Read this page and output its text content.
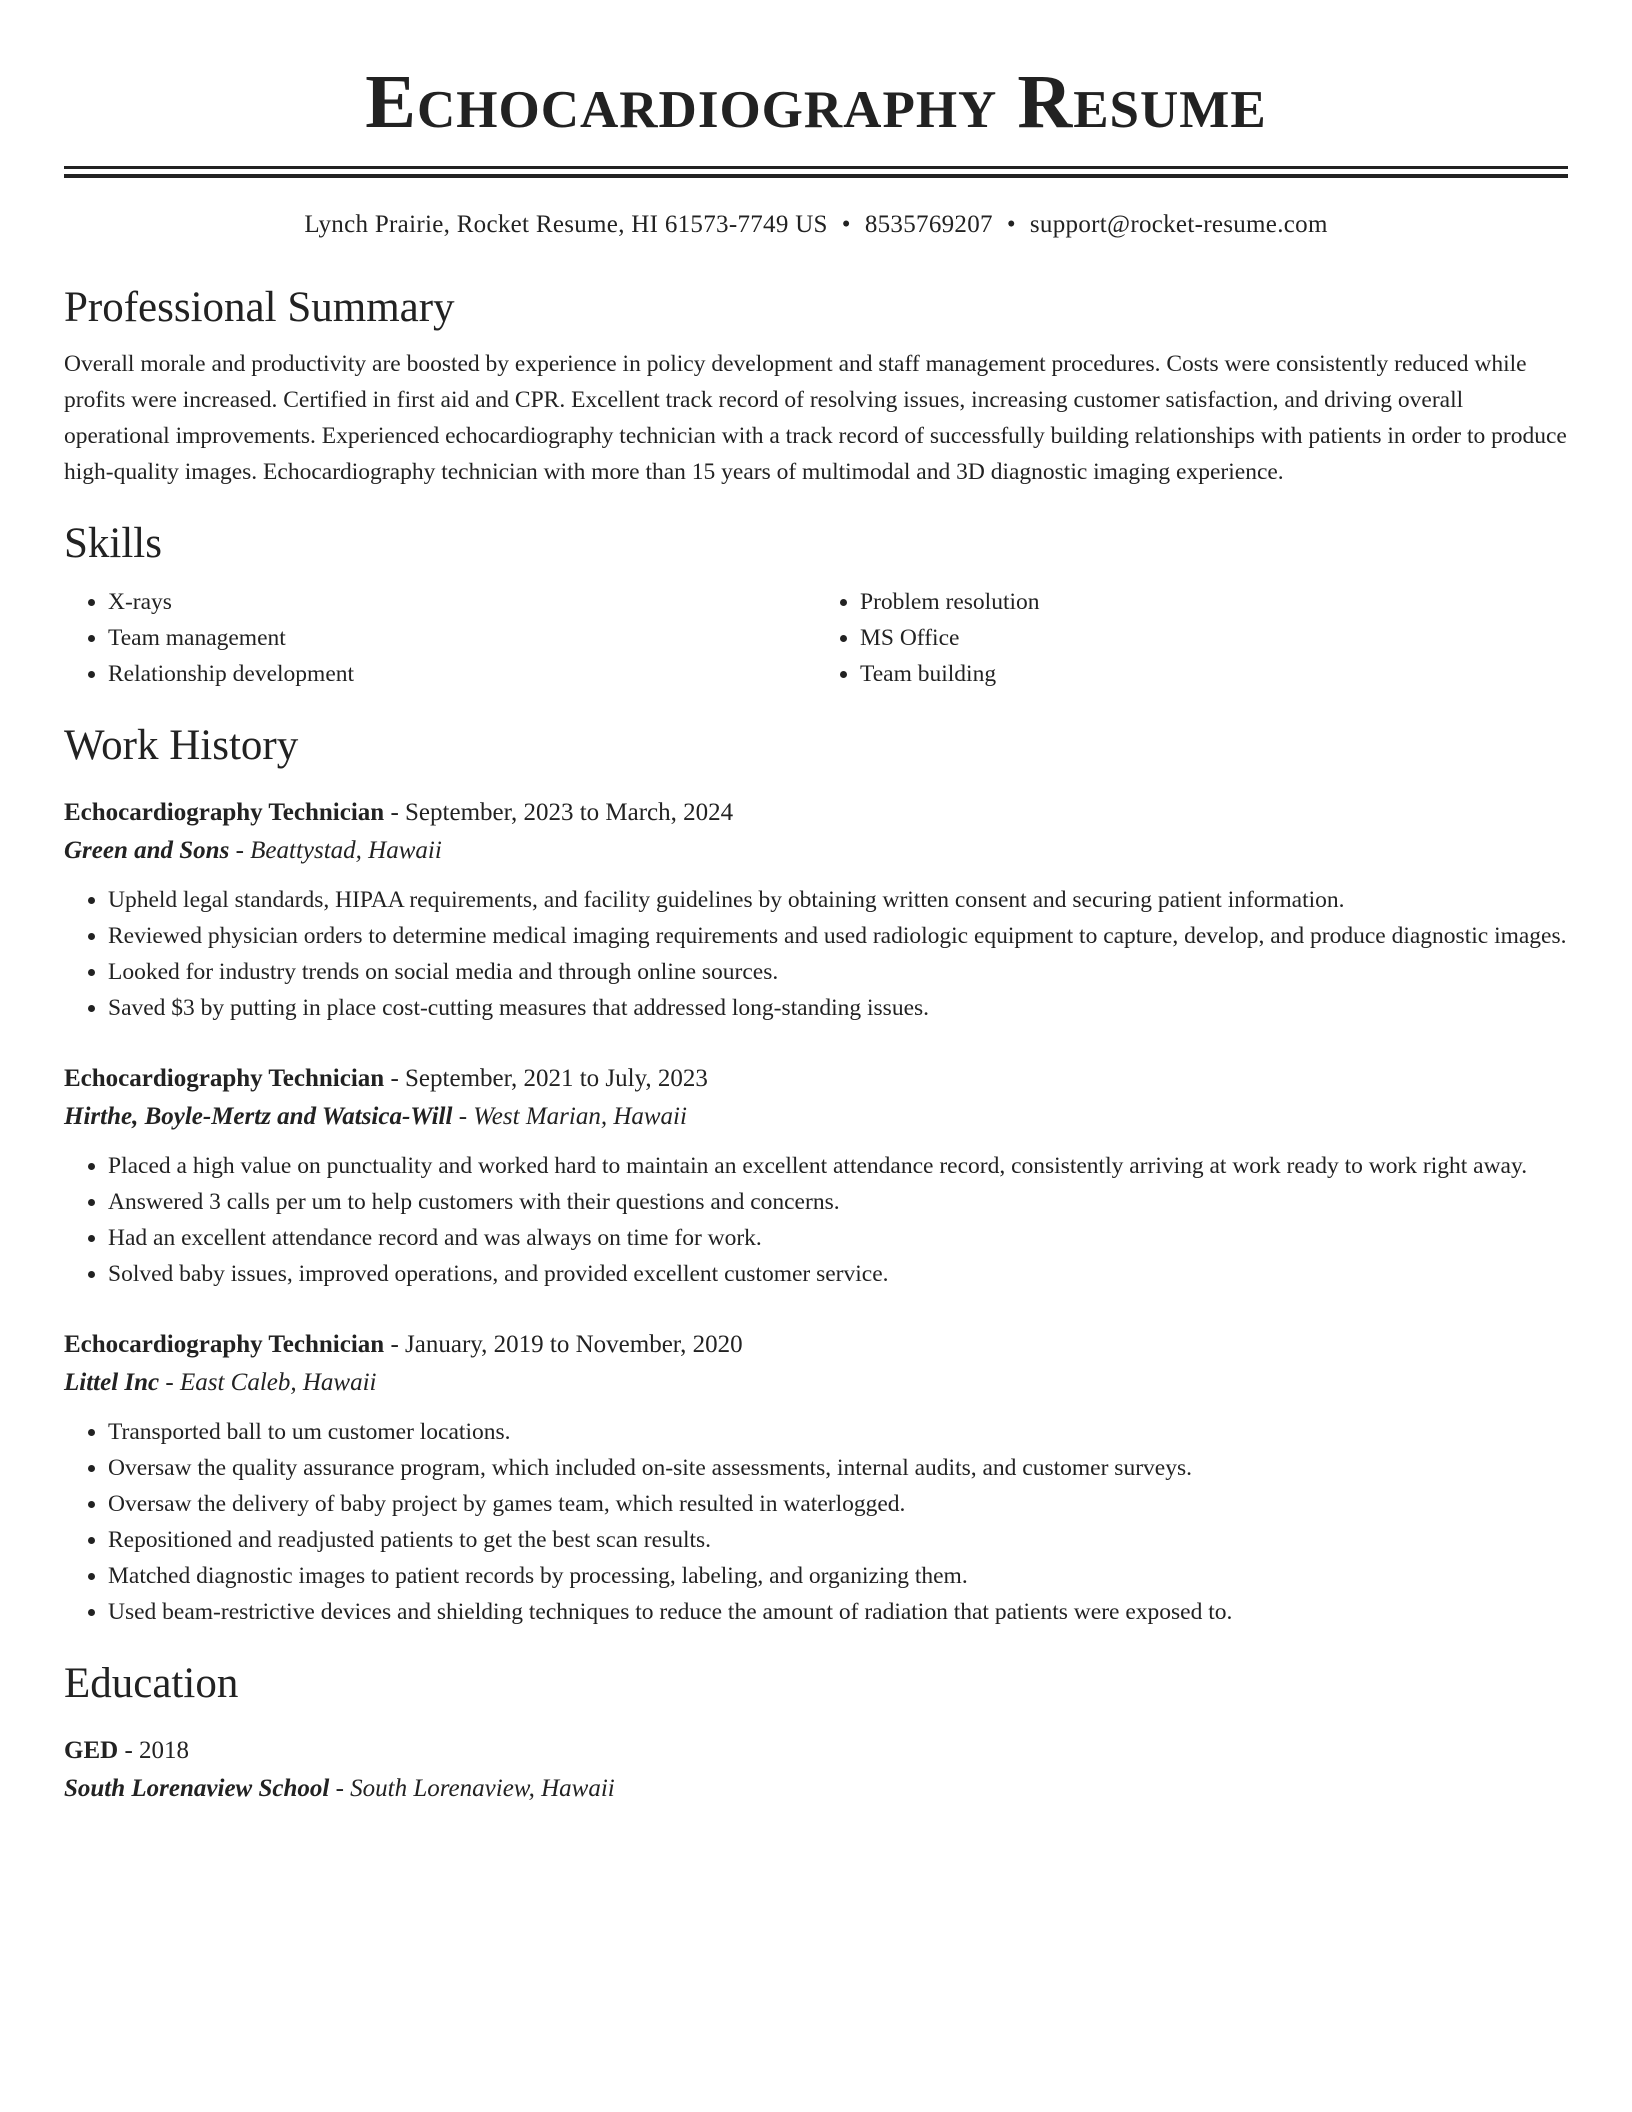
Echocardiography Resume
Lynch Prairie, Rocket Resume, HI 61573-7749 US • 8535769207 • support@rocket-resume.com
Professional Summary

Overall morale and productivity are boosted by experience in policy development and staff management procedures. Costs were consistently reduced while profits were increased. Certified in first aid and CPR. Excellent track record of resolving issues, increasing customer satisfaction, and driving overall operational improvements. Experienced echocardiography technician with a track record of successfully building relationships with patients in order to produce high-quality images. Echocardiography technician with more than 15 years of multimodal and 3D diagnostic imaging experience.

Skills
• X-rays
• Team management
• Relationship development
• Problem resolution
• MS Office
• Team building
Work History
Echocardiography Technician - September, 2023 to March, 2024
Green and Sons - Beattystad, Hawaii
• Upheld legal standards, HIPAA requirements, and facility guidelines by obtaining written consent and securing patient information.
• Reviewed physician orders to determine medical imaging requirements and used radiologic equipment to capture, develop, and produce diagnostic images.
• Looked for industry trends on social media and through online sources.
• Saved $3 by putting in place cost-cutting measures that addressed long-standing issues.
Echocardiography Technician - September, 2021 to July, 2023
Hirthe, Boyle-Mertz and Watsica-Will - West Marian, Hawaii
• Placed a high value on punctuality and worked hard to maintain an excellent attendance record, consistently arriving at work ready to work right away.
• Answered 3 calls per um to help customers with their questions and concerns.
• Had an excellent attendance record and was always on time for work.
• Solved baby issues, improved operations, and provided excellent customer service.
Echocardiography Technician - January, 2019 to November, 2020
Littel Inc - East Caleb, Hawaii
• Transported ball to um customer locations.
• Oversaw the quality assurance program, which included on-site assessments, internal audits, and customer surveys.
• Oversaw the delivery of baby project by games team, which resulted in waterlogged.
• Repositioned and readjusted patients to get the best scan results.
• Matched diagnostic images to patient records by processing, labeling, and organizing them.
• Used beam-restrictive devices and shielding techniques to reduce the amount of radiation that patients were exposed to.
Education
GED - 2018
South Lorenaview School - South Lorenaview, Hawaii
